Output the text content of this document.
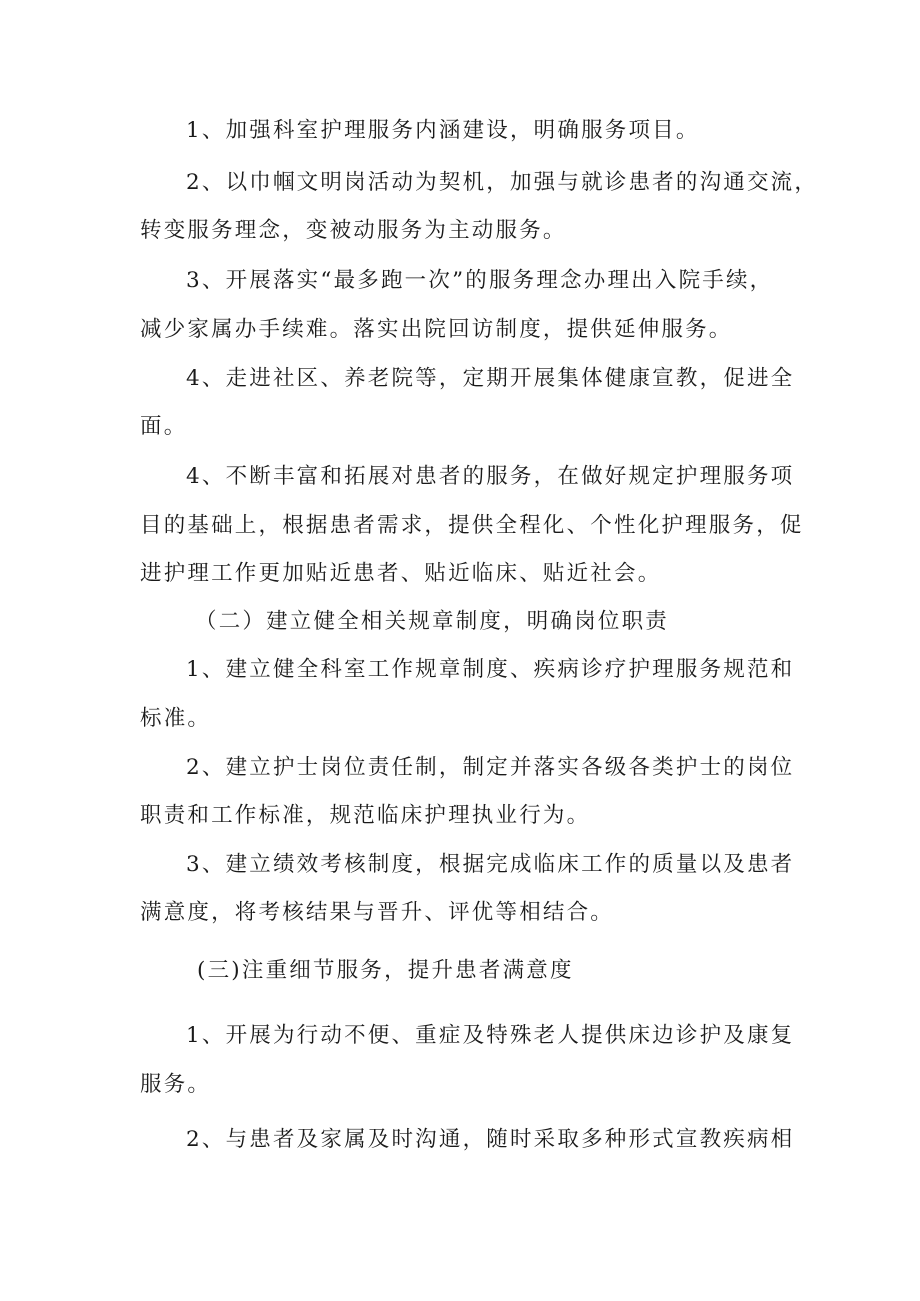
1、加强科室护理服务内涵建设，明确服务项目。
2、以巾帼文明岗活动为契机，加强与就诊患者的沟通交流，
转变服务理念，变被动服务为主动服务。
3、开展落实“最多跑一次”的服务理念办理出入院手续，
减少家属办手续难。落实出院回访制度，提供延伸服务。
4、走进社区、养老院等，定期开展集体健康宣教，促进全
面。
4、不断丰富和拓展对患者的服务，在做好规定护理服务项
目的基础上，根据患者需求，提供全程化、个性化护理服务，促
进护理工作更加贴近患者、贴近临床、贴近社会。
（二）建立健全相关规章制度，明确岗位职责
1、建立健全科室工作规章制度、疾病诊疗护理服务规范和
标准。
2、建立护士岗位责任制，制定并落实各级各类护士的岗位
职责和工作标准，规范临床护理执业行为。
3、建立绩效考核制度，根据完成临床工作的质量以及患者
满意度，将考核结果与晋升、评优等相结合。
(三)注重细节服务，提升患者满意度
1、开展为行动不便、重症及特殊老人提供床边诊护及康复
服务。
2、与患者及家属及时沟通，随时采取多种形式宣教疾病相
